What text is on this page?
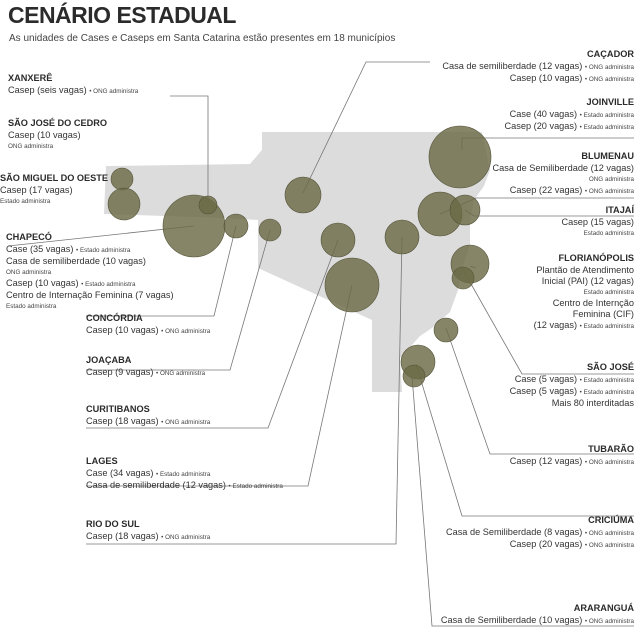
CENÁRIO ESTADUAL
As unidades de Cases e Caseps em Santa Catarina estão presentes em 18 municípios
XANXERÊ
Casep (seis vagas) • ONG administra
SÃO JOSÉ DO CEDRO
Casep (10 vagas)
ONG administra
SÃO MIGUEL DO OESTE
Casep (17 vagas)
Estado administra
CHAPECÓ
Case (35 vagas) • Estado administra
Casa de semiliberdade (10 vagas)
ONG administra
Casep (10 vagas) • Estado administra
Centro de Internação Feminina (7 vagas)
Estado administra
CONCÓRDIA
Casep (10 vagas) • ONG administra
JOAÇABA
Casep (9 vagas) • ONG administra
CURITIBANOS
Casep (18 vagas) • ONG administra
LAGES
Case (34 vagas) • Estado administra
Casa de semiliberdade (12 vagas) • Estado administra
RIO DO SUL
Casep (18 vagas) • ONG administra
CAÇADOR
Casa de semiliberdade (12 vagas) • ONG administra
Casep (10 vagas) • ONG administra
JOINVILLE
Case (40 vagas) • Estado administra
Casep (20 vagas) • Estado administra
BLUMENAU
Casa de Semiliberdade (12 vagas)
ONG administra
Casep (22 vagas) • ONG administra
ITAJAÍ
Casep (15 vagas)
Estado administra
FLORIANÓPOLIS
Plantão de Atendimento
Inicial (PAI) (12 vagas)
Estado administra
Centro de Internção
Feminina (CIF)
(12 vagas) • Estado administra
SÃO JOSÉ
Case (5 vagas) • Estado administra
Casep (5 vagas) • Estado administra
Mais 80 interditadas
TUBARÃO
Casep (12 vagas) • ONG administra
CRICIÚMA
Casa de Semiliberdade (8 vagas) • ONG administra
Casep (20 vagas) • ONG administra
ARARANGUÁ
Casa de Semiliberdade (10 vagas) • ONG administra
